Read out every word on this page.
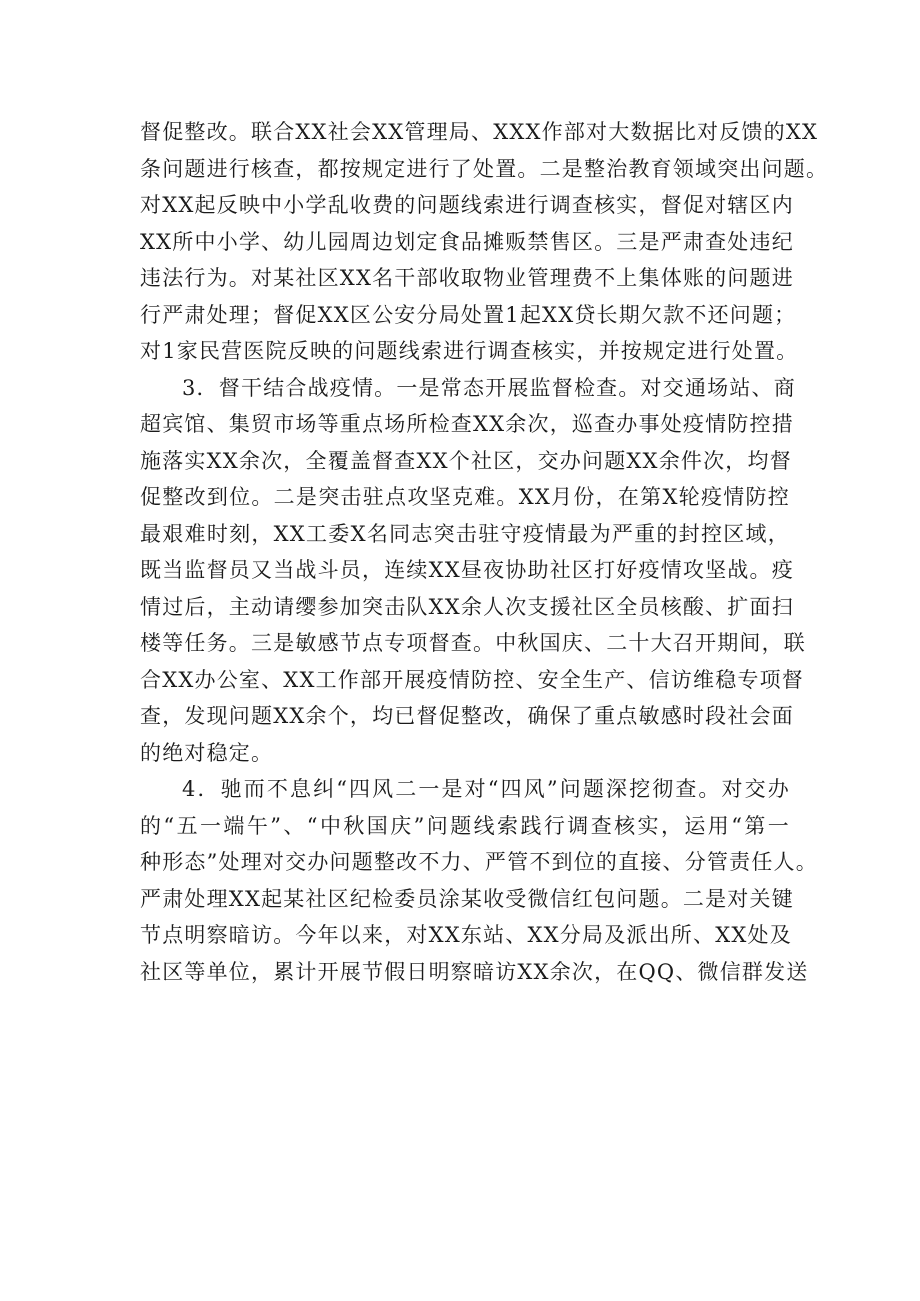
督促整改。联合XX社会XX管理局、XXX作部对大数据比对反馈的XX
条问题进行核查，都按规定进行了处置。二是整治教育领域突出问题。
对XX起反映中小学乱收费的问题线索进行调查核实，督促对辖区内
XX所中小学、幼儿园周边划定食品摊贩禁售区。三是严肃查处违纪
违法行为。对某社区XX名干部收取物业管理费不上集体账的问题进
行严肃处理；督促XX区公安分局处置1起XX贷长期欠款不还问题；
对1家民营医院反映的问题线索进行调查核实，并按规定进行处置。
3．督干结合战疫情。一是常态开展监督检查。对交通场站、商
超宾馆、集贸市场等重点场所检查XX余次，巡查办事处疫情防控措
施落实XX余次，全覆盖督查XX个社区，交办问题XX余件次，均督
促整改到位。二是突击驻点攻坚克难。XX月份，在第X轮疫情防控
最艰难时刻，XX工委X名同志突击驻守疫情最为严重的封控区域，
既当监督员又当战斗员，连续XX昼夜协助社区打好疫情攻坚战。疫
情过后，主动请缨参加突击队XX余人次支援社区全员核酸、扩面扫
楼等任务。三是敏感节点专项督查。中秋国庆、二十大召开期间，联
合XX办公室、XX工作部开展疫情防控、安全生产、信访维稳专项督
查，发现问题XX余个，均已督促整改，确保了重点敏感时段社会面
的绝对稳定。
4．驰而不息纠“四风二一是对“四风”问题深挖彻查。对交办
的“五一端午”、“中秋国庆”问题线索践行调查核实，运用“第一
种形态”处理对交办问题整改不力、严管不到位的直接、分管责任人。
严肃处理XX起某社区纪检委员涂某收受微信红包问题。二是对关键
节点明察暗访。今年以来，对XX东站、XX分局及派出所、XX处及
社区等单位，累计开展节假日明察暗访XX余次，在QQ、微信群发送
